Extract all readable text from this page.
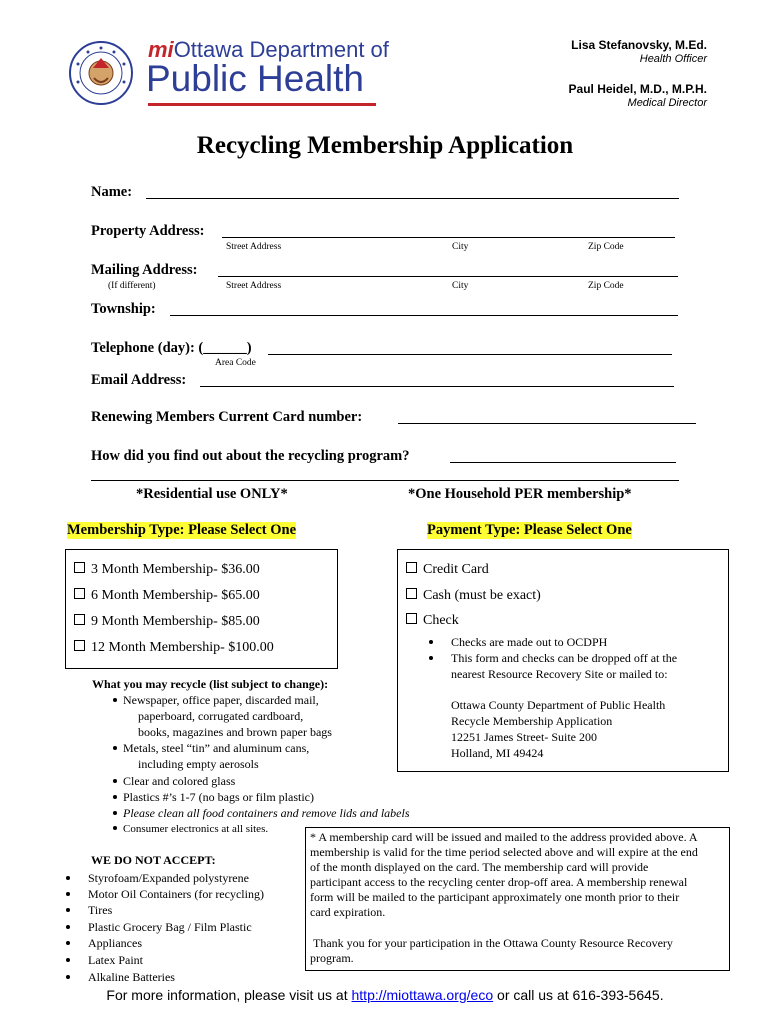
miOttawa Department of
Public Health
Lisa Stefanovsky, M.Ed.
Health Officer
Paul Heidel, M.D., M.P.H.
Medical Director
Recycling Membership Application
Name:
Property Address:
Street Address	City	Zip Code
Mailing Address:
(If different)	Street Address	City	Zip Code
Township:
Telephone (day): (______)
Area Code
Email Address:
Renewing Members Current Card number:
How did you find out about the recycling program?
*Residential use ONLY*	*One Household PER membership*
Membership Type: Please Select One	Payment Type: Please Select One
3 Month Membership- $36.00
6 Month Membership- $65.00
9 Month Membership- $85.00
12 Month Membership- $100.00
Credit Card
Cash (must be exact)
Check
Checks are made out to OCDPH
This form and checks can be dropped off at the
nearest Resource Recovery Site or mailed to:
Ottawa County Department of Public Health
Recycle Membership Application
12251 James Street- Suite 200
Holland, MI 49424
What you may recycle (list subject to change):
Newspaper, office paper, discarded mail,
paperboard, corrugated cardboard,
books, magazines and brown paper bags
Metals, steel “tin” and aluminum cans,
including empty aerosols
Clear and colored glass
Plastics #’s 1-7 (no bags or film plastic)
Please clean all food containers and remove lids and labels
Consumer electronics at all sites.
WE DO NOT ACCEPT:
Styrofoam/Expanded polystyrene
Motor Oil Containers (for recycling)
Tires
Plastic Grocery Bag / Film Plastic
Appliances
Latex Paint
Alkaline Batteries
* A membership card will be issued and mailed to the address provided above. A
membership is valid for the time period selected above and will expire at the end
of the month displayed on the card. The membership card will provide
participant access to the recycling center drop-off area. A membership renewal
form will be mailed to the participant approximately one month prior to their
card expiration.
Thank you for your participation in the Ottawa County Resource Recovery
program.
For more information, please visit us at http://miottawa.org/eco or call us at 616-393-5645.
